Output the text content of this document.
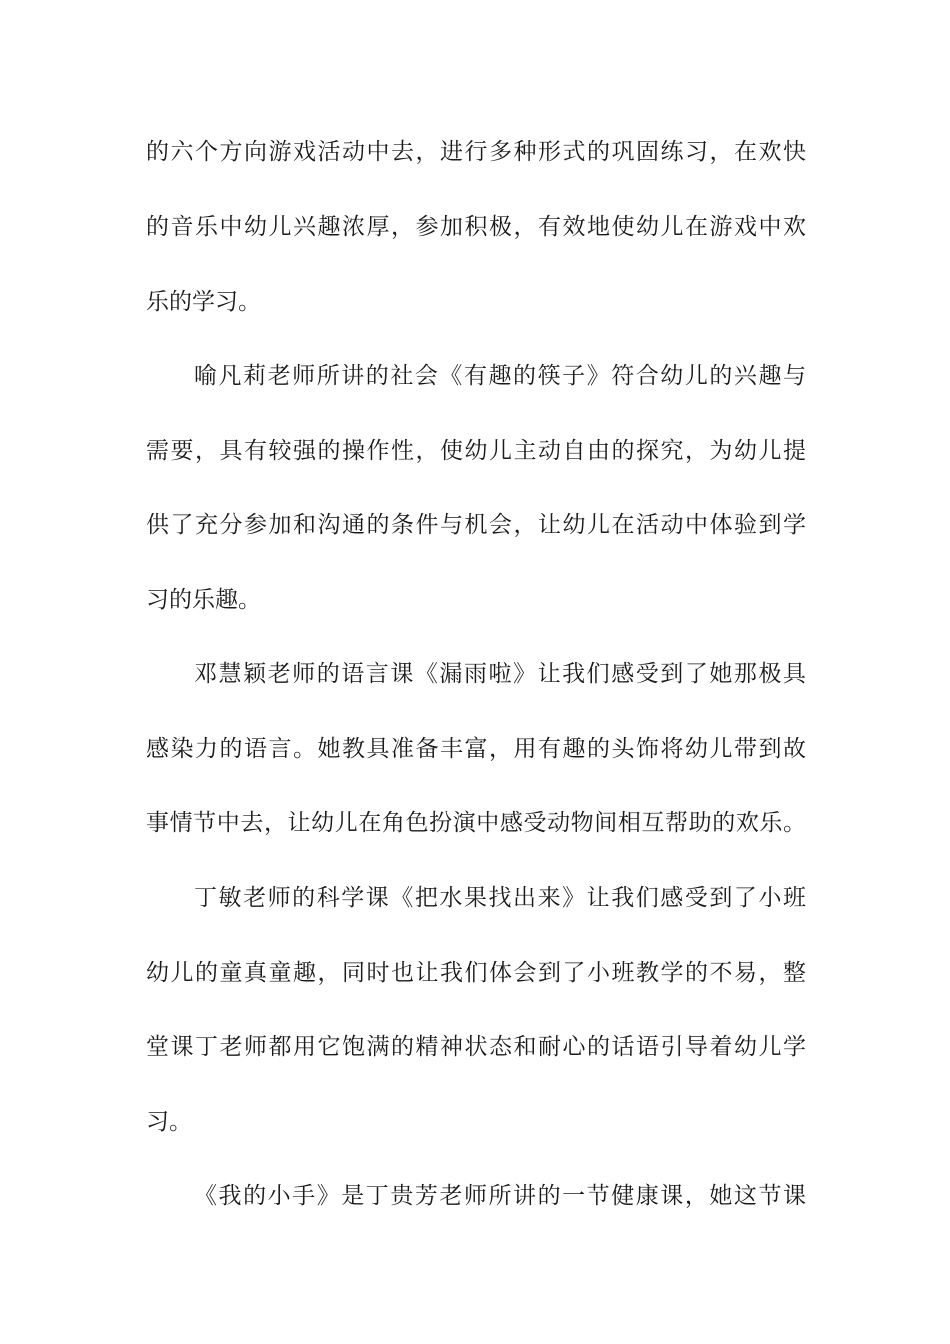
的六个方向游戏活动中去，进行多种形式的巩固练习，在欢快
的音乐中幼儿兴趣浓厚，参加积极，有效地使幼儿在游戏中欢
乐的学习。
喻凡莉老师所讲的社会《有趣的筷子》符合幼儿的兴趣与
需要，具有较强的操作性，使幼儿主动自由的探究，为幼儿提
供了充分参加和沟通的条件与机会，让幼儿在活动中体验到学
习的乐趣。
邓慧颖老师的语言课《漏雨啦》让我们感受到了她那极具
感染力的语言。她教具准备丰富，用有趣的头饰将幼儿带到故
事情节中去，让幼儿在角色扮演中感受动物间相互帮助的欢乐。
丁敏老师的科学课《把水果找出来》让我们感受到了小班
幼儿的童真童趣，同时也让我们体会到了小班教学的不易，整
堂课丁老师都用它饱满的精神状态和耐心的话语引导着幼儿学
习。
《我的小手》是丁贵芳老师所讲的一节健康课，她这节课
